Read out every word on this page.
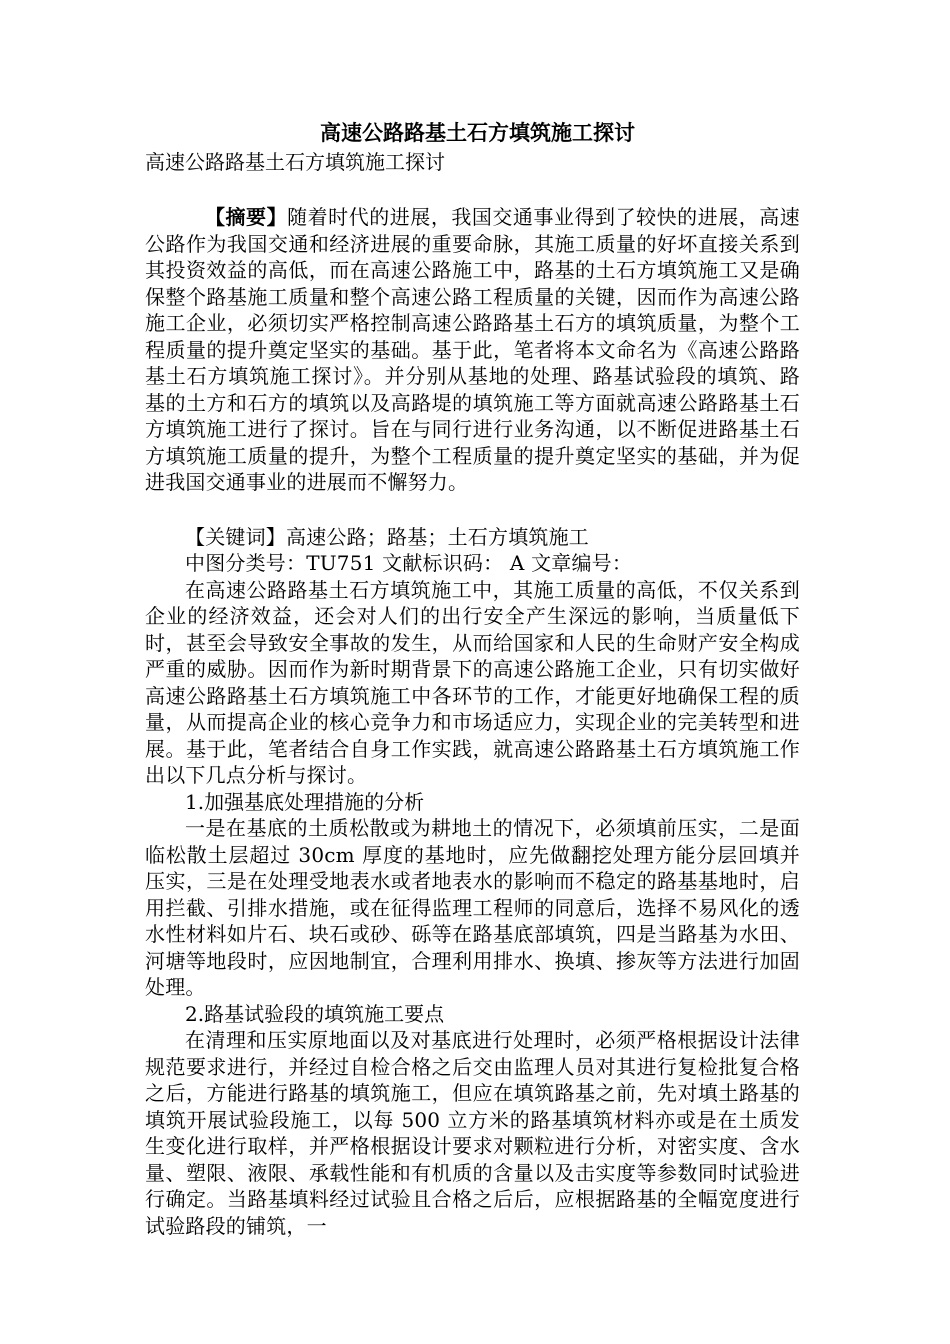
高速公路路基土石方填筑施工探讨

高速公路路基土石方填筑施工探讨

【摘要】随着时代的进展，我国交通事业得到了较快的进展，高速公路作为我国交通和经济进展的重要命脉，其施工质量的好坏直接关系到其投资效益的高低，而在高速公路施工中，路基的土石方填筑施工又是确保整个路基施工质量和整个高速公路工程质量的关键，因而作为高速公路施工企业，必须切实严格控制高速公路路基土石方的填筑质量，为整个工程质量的提升奠定坚实的基础。基于此，笔者将本文命名为《高速公路路基土石方填筑施工探讨》。并分别从基地的处理、路基试验段的填筑、路基的土方和石方的填筑以及高路堤的填筑施工等方面就高速公路路基土石方填筑施工进行了探讨。旨在与同行进行业务沟通，以不断促进路基土石方填筑施工质量的提升，为整个工程质量的提升奠定坚实的基础，并为促进我国交通事业的进展而不懈努力。

【关键词】高速公路；路基；土石方填筑施工

中图分类号：TU751 文献标识码： A 文章编号：

在高速公路路基土石方填筑施工中，其施工质量的高低，不仅关系到企业的经济效益，还会对人们的出行安全产生深远的影响，当质量低下时，甚至会导致安全事故的发生，从而给国家和人民的生命财产安全构成严重的威胁。因而作为新时期背景下的高速公路施工企业，只有切实做好高速公路路基土石方填筑施工中各环节的工作，才能更好地确保工程的质量，从而提高企业的核心竞争力和市场适应力，实现企业的完美转型和进展。基于此，笔者结合自身工作实践，就高速公路路基土石方填筑施工作出以下几点分析与探讨。

1.加强基底处理措施的分析

一是在基底的土质松散或为耕地土的情况下，必须填前压实，二是面临松散土层超过 30cm 厚度的基地时，应先做翻挖处理方能分层回填并压实，三是在处理受地表水或者地表水的影响而不稳定的路基基地时，启用拦截、引排水措施，或在征得监理工程师的同意后，选择不易风化的透水性材料如片石、块石或砂、砾等在路基底部填筑，四是当路基为水田、河塘等地段时，应因地制宜，合理利用排水、换填、掺灰等方法进行加固处理。

2.路基试验段的填筑施工要点

在清理和压实原地面以及对基底进行处理时，必须严格根据设计法律规范要求进行，并经过自检合格之后交由监理人员对其进行复检批复合格之后，方能进行路基的填筑施工，但应在填筑路基之前，先对填土路基的填筑开展试验段施工，以每 500 立方米的路基填筑材料亦或是在土质发生变化进行取样，并严格根据设计要求对颗粒进行分析，对密实度、含水量、塑限、液限、承载性能和有机质的含量以及击实度等参数同时试验进行确定。当路基填料经过试验且合格之后后，应根据路基的全幅宽度进行试验路段的铺筑，一
